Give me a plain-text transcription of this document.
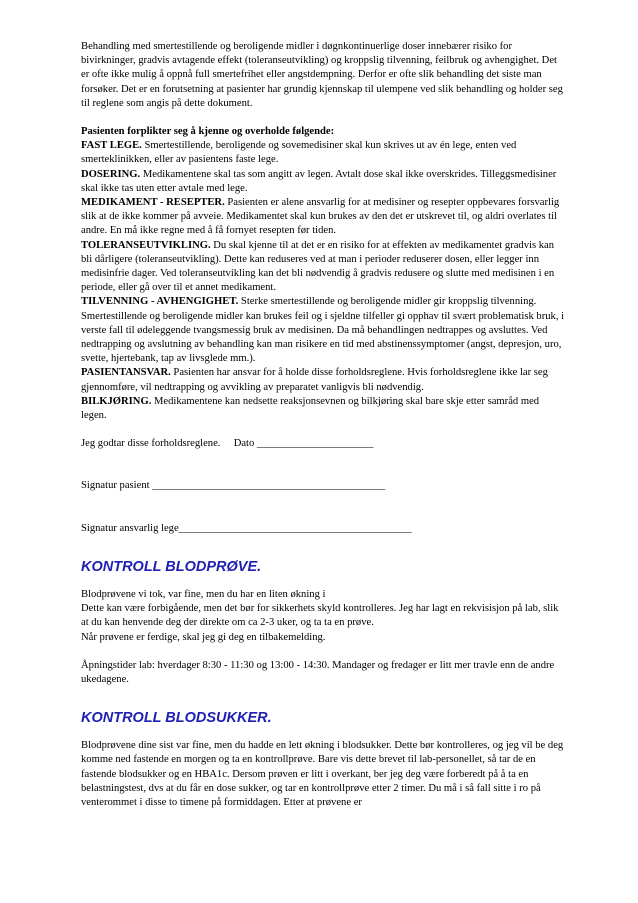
Behandling med smertestillende og beroligende midler i døgnkontinuerlige doser innebærer risiko for bivirkninger, gradvis avtagende effekt (toleranseutvikling) og kroppslig tilvenning, feilbruk og avhengighet. Det er ofte ikke mulig å oppnå full smertefrihet eller angstdempning. Derfor er ofte slik behandling det siste man forsøker. Det er en forutsetning at pasienter har grundig kjennskap til ulempene ved slik behandling og holder seg til reglene som angis på dette dokument.

Pasienten forplikter seg å kjenne og overholde følgende:

FAST LEGE. Smertestillende, beroligende og sovemedisiner skal kun skrives ut av én lege, enten ved smerteklinikken, eller av pasientens faste lege.

DOSERING. Medikamentene skal tas som angitt av legen. Avtalt dose skal ikke overskrides. Tilleggsmedisiner skal ikke tas uten etter avtale med lege.

MEDIKAMENT - RESEPTER. Pasienten er alene ansvarlig for at medisiner og resepter oppbevares forsvarlig slik at de ikke kommer på avveie. Medikamentet skal kun brukes av den det er utskrevet til, og aldri overlates til andre. En må ikke regne med å få fornyet resepten før tiden.

TOLERANSEUTVIKLING. Du skal kjenne til at det er en risiko for at effekten av medikamentet gradvis kan bli dårligere (toleranseutvikling). Dette kan reduseres ved at man i perioder reduserer dosen, eller legger inn medisinfrie dager. Ved toleranseutvikling kan det bli nødvendig å gradvis redusere og slutte med medisinen i en periode, eller gå over til et annet medikament.

TILVENNING - AVHENGIGHET. Sterke smertestillende og beroligende midler gir kroppslig tilvenning. Smertestillende og beroligende midler kan brukes feil og i sjeldne tilfeller gi opphav til svært problematisk bruk, i verste fall til ødeleggende tvangsmessig bruk av medisinen. Da må behandlingen nedtrappes og avsluttes. Ved nedtrapping og avslutning av behandling kan man risikere en tid med abstinenssymptomer (angst, depresjon, uro, svette, hjertebank, tap av livsglede mm.).

PASIENTANSVAR. Pasienten har ansvar for å holde disse forholdsreglene. Hvis forholdsreglene ikke lar seg gjennomføre, vil nedtrapping og avvikling av preparatet vanligvis bli nødvendig.

BILKJØRING. Medikamentene kan nedsette reaksjonsevnen og bilkjøring skal bare skje etter samråd med legen.

Jeg godtar disse forholdsreglene.     Dato ______________________

Signatur pasient ____________________________________________

Signatur ansvarlig lege____________________________________________

KONTROLL BLODPRØVE.

Blodprøvene vi tok, var fine, men du har en liten økning i

Dette kan være forbigående, men det bør for sikkerhets skyld kontrolleres. Jeg har lagt en rekvisisjon på lab, slik at du kan henvende deg der direkte om ca 2-3 uker, og ta ta en prøve.

Når prøvene er ferdige, skal jeg gi deg en tilbakemelding.

Åpningstider lab: hverdager 8:30 - 11:30 og 13:00 - 14:30. Mandager og fredager er litt mer travle enn de andre ukedagene.

KONTROLL BLODSUKKER.

Blodprøvene dine sist var fine, men du hadde en lett økning i blodsukker. Dette bør kontrolleres, og jeg vil be deg komme ned fastende en morgen og ta en kontrollprøve. Bare vis dette brevet til lab-personellet, så tar de en fastende blodsukker og en HBA1c. Dersom prøven er litt i overkant, ber jeg deg være forberedt på å ta en belastningstest, dvs at du får en dose sukker, og tar en kontrollprøve etter 2 timer. Du må i så fall sitte i ro på venterommet i disse to timene på formiddagen. Etter at prøvene er
